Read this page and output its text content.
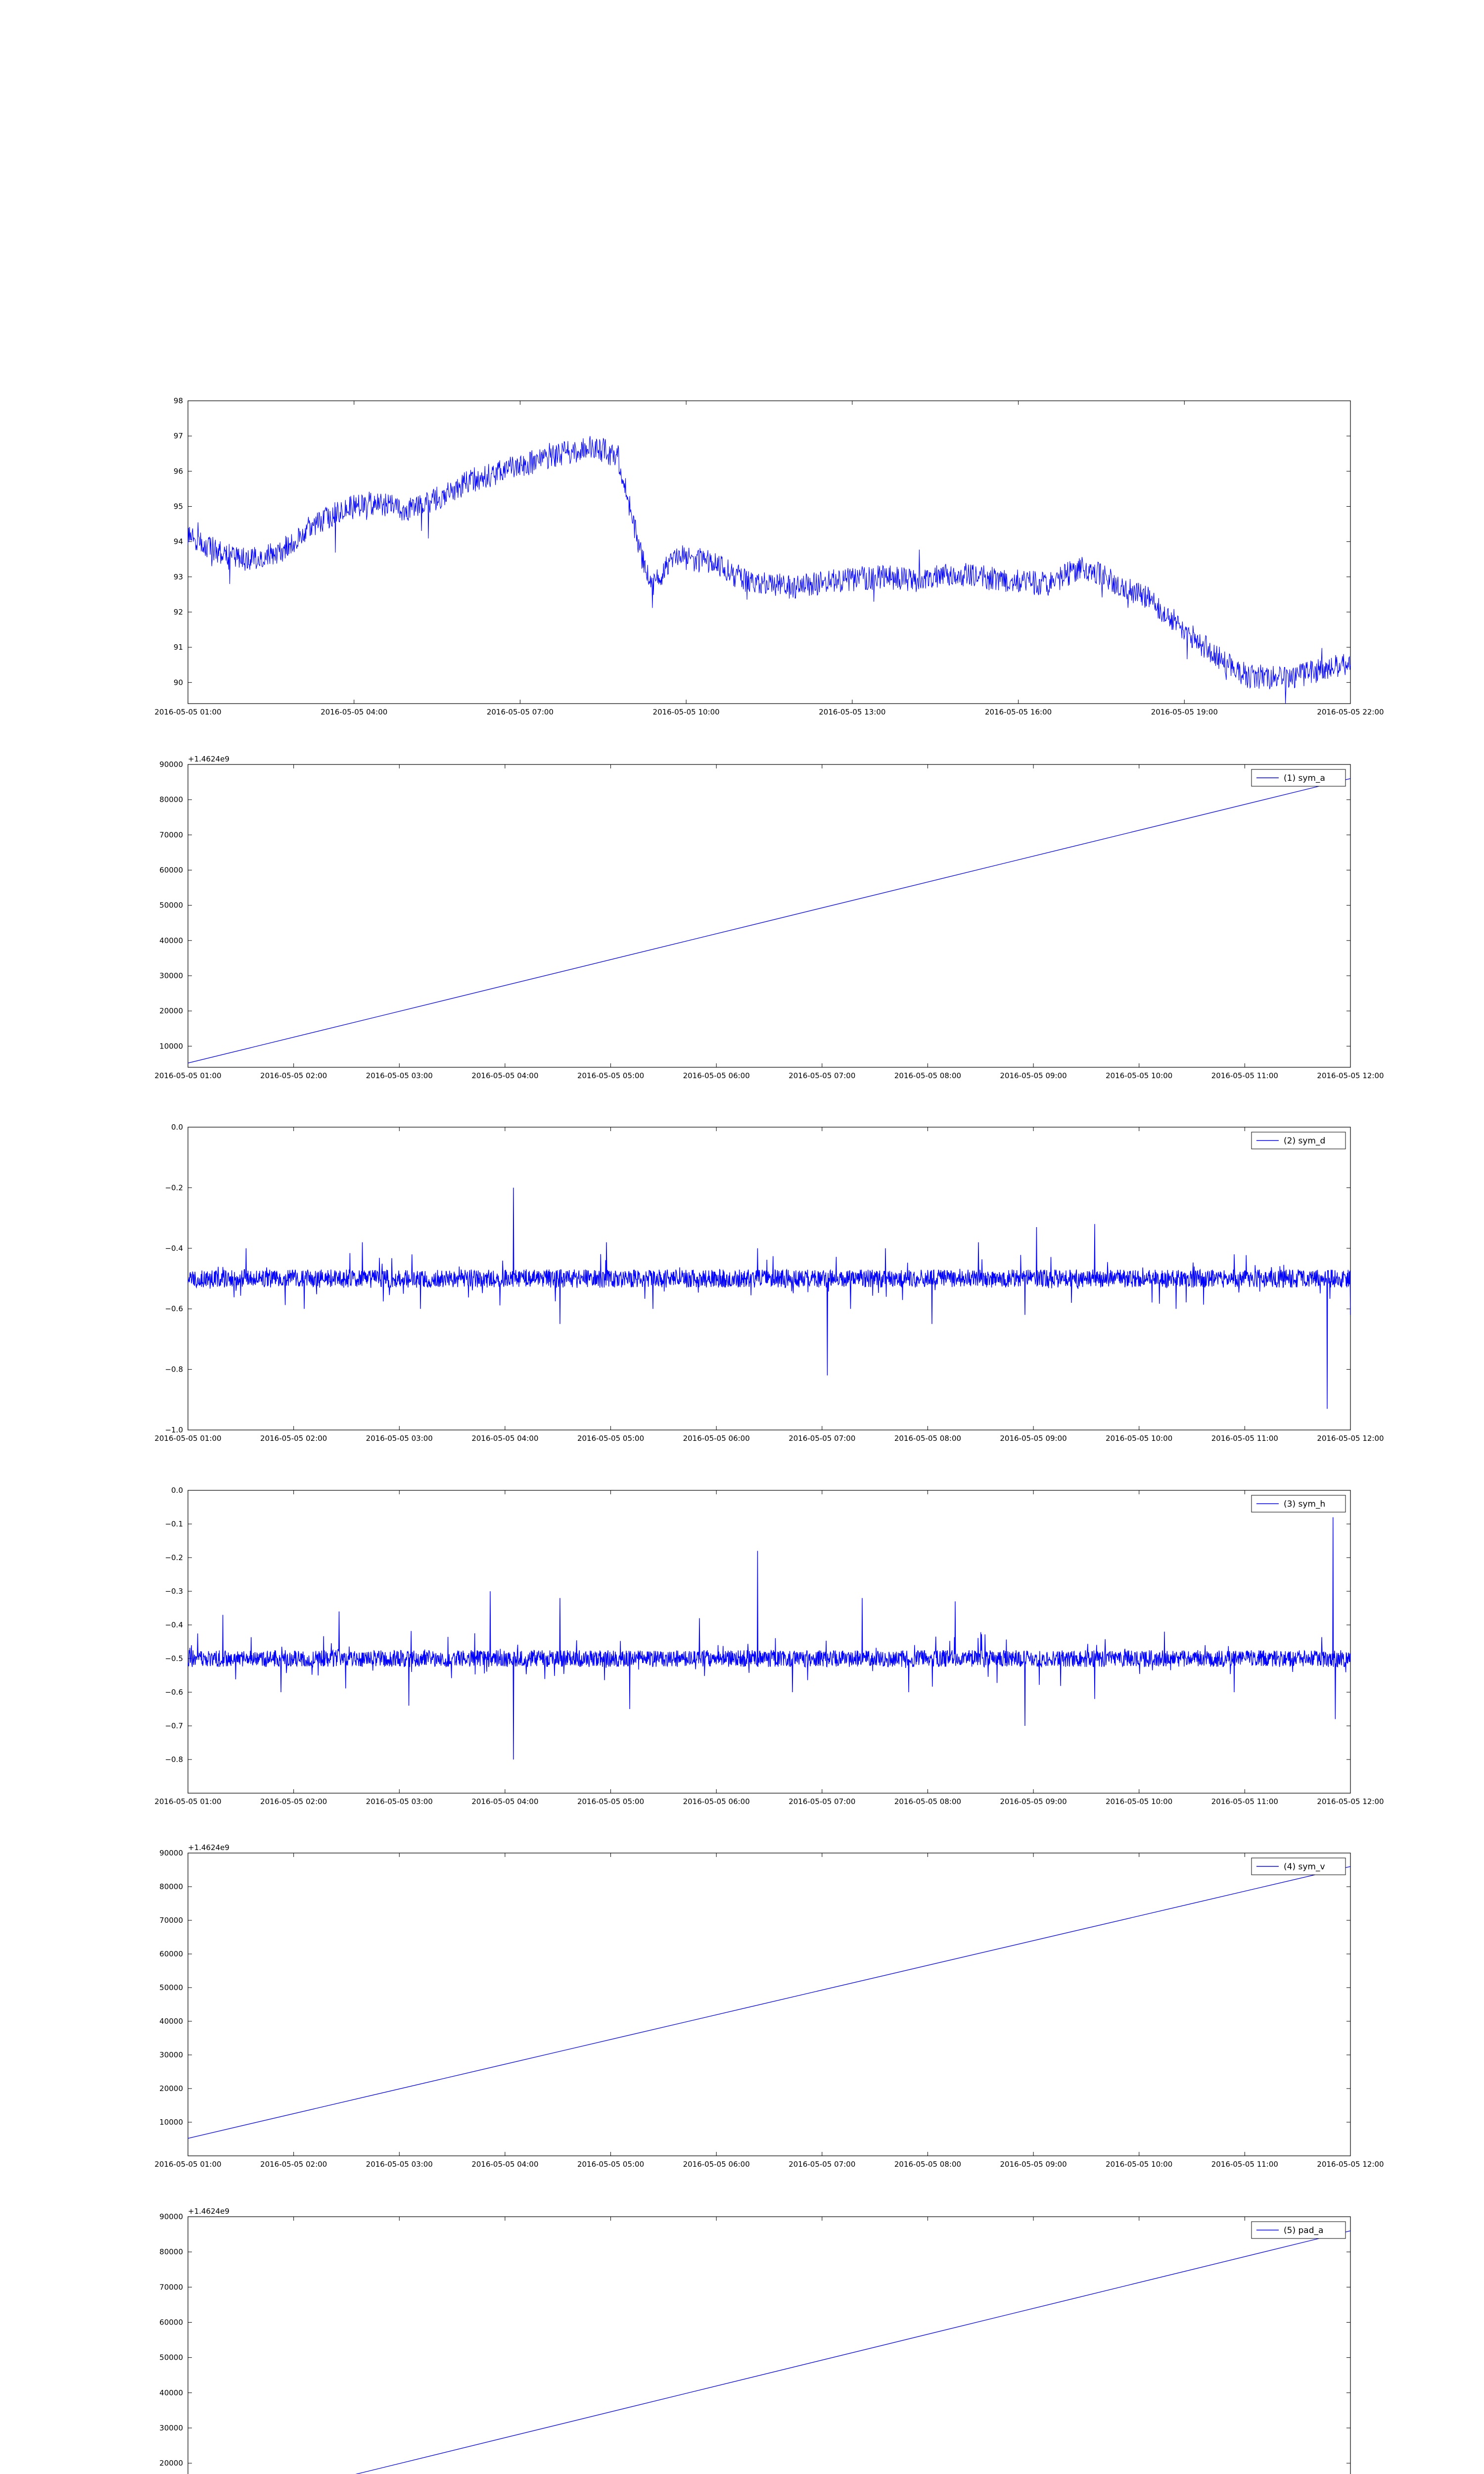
90
91
92
93
94
95
96
97
98
2016-05-05 01:00	2016-05-05 04:00	2016-05-05 07:00	2016-05-05 10:00	2016-05-05 13:00	2016-05-05 16:00	2016-05-05 19:00	2016-05-05 22:00
10000
20000
30000
40000
50000
60000
70000
80000
90000
2016-05-05 01:00	2016-05-05 02:00	2016-05-05 03:00	2016-05-05 04:00	2016-05-05 05:00	2016-05-05 06:00	2016-05-05 07:00	2016-05-05 08:00	2016-05-05 09:00	2016-05-05 10:00	2016-05-05 11:00	2016-05-05 12:00
+1.4624e9
(1) sym_a
−1.0
−0.8
−0.6
−0.4
−0.2
0.0
2016-05-05 01:00	2016-05-05 02:00	2016-05-05 03:00	2016-05-05 04:00	2016-05-05 05:00	2016-05-05 06:00	2016-05-05 07:00	2016-05-05 08:00	2016-05-05 09:00	2016-05-05 10:00	2016-05-05 11:00	2016-05-05 12:00
(2) sym_d
−0.8
−0.7
−0.6
−0.5
−0.4
−0.3
−0.2
−0.1
0.0
2016-05-05 01:00	2016-05-05 02:00	2016-05-05 03:00	2016-05-05 04:00	2016-05-05 05:00	2016-05-05 06:00	2016-05-05 07:00	2016-05-05 08:00	2016-05-05 09:00	2016-05-05 10:00	2016-05-05 11:00	2016-05-05 12:00
(3) sym_h
10000
20000
30000
40000
50000
60000
70000
80000
90000
2016-05-05 01:00	2016-05-05 02:00	2016-05-05 03:00	2016-05-05 04:00	2016-05-05 05:00	2016-05-05 06:00	2016-05-05 07:00	2016-05-05 08:00	2016-05-05 09:00	2016-05-05 10:00	2016-05-05 11:00	2016-05-05 12:00
+1.4624e9
(4) sym_v
20000
30000
40000
50000
60000
70000
80000
90000
+1.4624e9
(5) pad_a
